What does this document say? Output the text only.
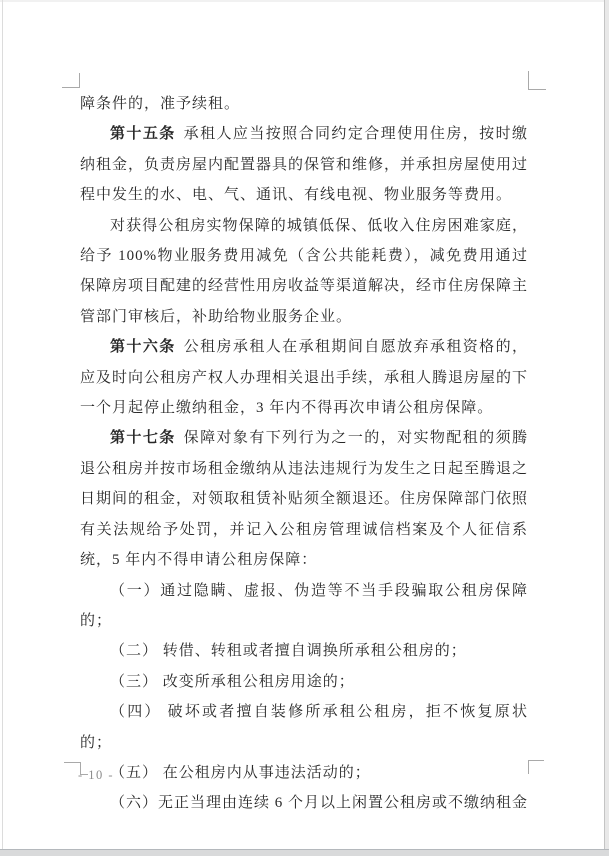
障条件的，准予续租。

第十五条 承租人应当按照合同约定合理使用住房，按时缴纳租金，负责房屋内配置器具的保管和维修，并承担房屋使用过程中发生的水、电、气、通讯、有线电视、物业服务等费用。

对获得公租房实物保障的城镇低保、低收入住房困难家庭，给予 100%物业服务费用减免（含公共能耗费），减免费用通过保障房项目配建的经营性用房收益等渠道解决，经市住房保障主管部门审核后，补助给物业服务企业。

第十六条 公租房承租人在承租期间自愿放弃承租资格的，应及时向公租房产权人办理相关退出手续，承租人腾退房屋的下一个月起停止缴纳租金，3 年内不得再次申请公租房保障。

第十七条 保障对象有下列行为之一的，对实物配租的须腾退公租房并按市场租金缴纳从违法违规行为发生之日起至腾退之日期间的租金，对领取租赁补贴须全额退还。住房保障部门依照有关法规给予处罚，并记入公租房管理诚信档案及个人征信系统，5 年内不得申请公租房保障：

（一）通过隐瞒、虚报、伪造等不当手段骗取公租房保障的；

（二） 转借、转租或者擅自调换所承租公租房的；

（三） 改变所承租公租房用途的；

（四） 破坏或者擅自装修所承租公租房，拒不恢复原状的；

（五） 在公租房内从事违法活动的；

（六）无正当理由连续 6 个月以上闲置公租房或不缴纳租金

- 10 -
